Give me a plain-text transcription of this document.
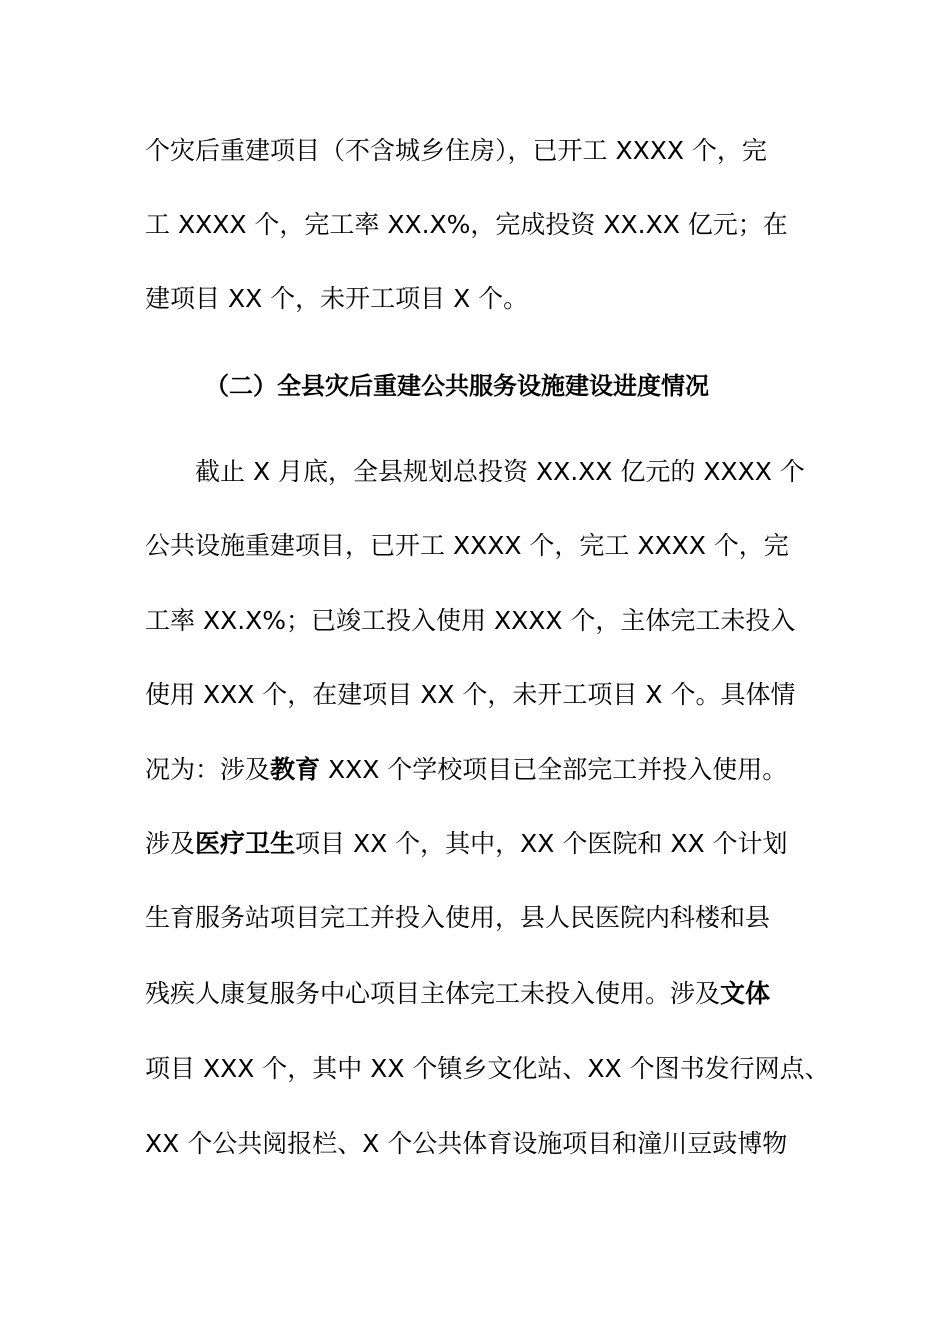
个灾后重建项目（不含城乡住房），已开工 XXXX 个，完
工 XXXX 个，完工率 XX.X%，完成投资 XX.XX 亿元；在
建项目 XX 个，未开工项目 X 个。
（二）全县灾后重建公共服务设施建设进度情况
截止 X 月底，全县规划总投资 XX.XX 亿元的 XXXX 个
公共设施重建项目，已开工 XXXX 个，完工 XXXX 个，完
工率 XX.X%；已竣工投入使用 XXXX 个，主体完工未投入
使用 XXX 个，在建项目 XX 个，未开工项目 X 个。具体情
况为：涉及教育 XXX 个学校项目已全部完工并投入使用。
涉及医疗卫生项目 XX 个，其中，XX 个医院和 XX 个计划
生育服务站项目完工并投入使用，县人民医院内科楼和县
残疾人康复服务中心项目主体完工未投入使用。涉及文体
项目 XXX 个，其中 XX 个镇乡文化站、XX 个图书发行网点、
XX 个公共阅报栏、X 个公共体育设施项目和潼川豆豉博物
